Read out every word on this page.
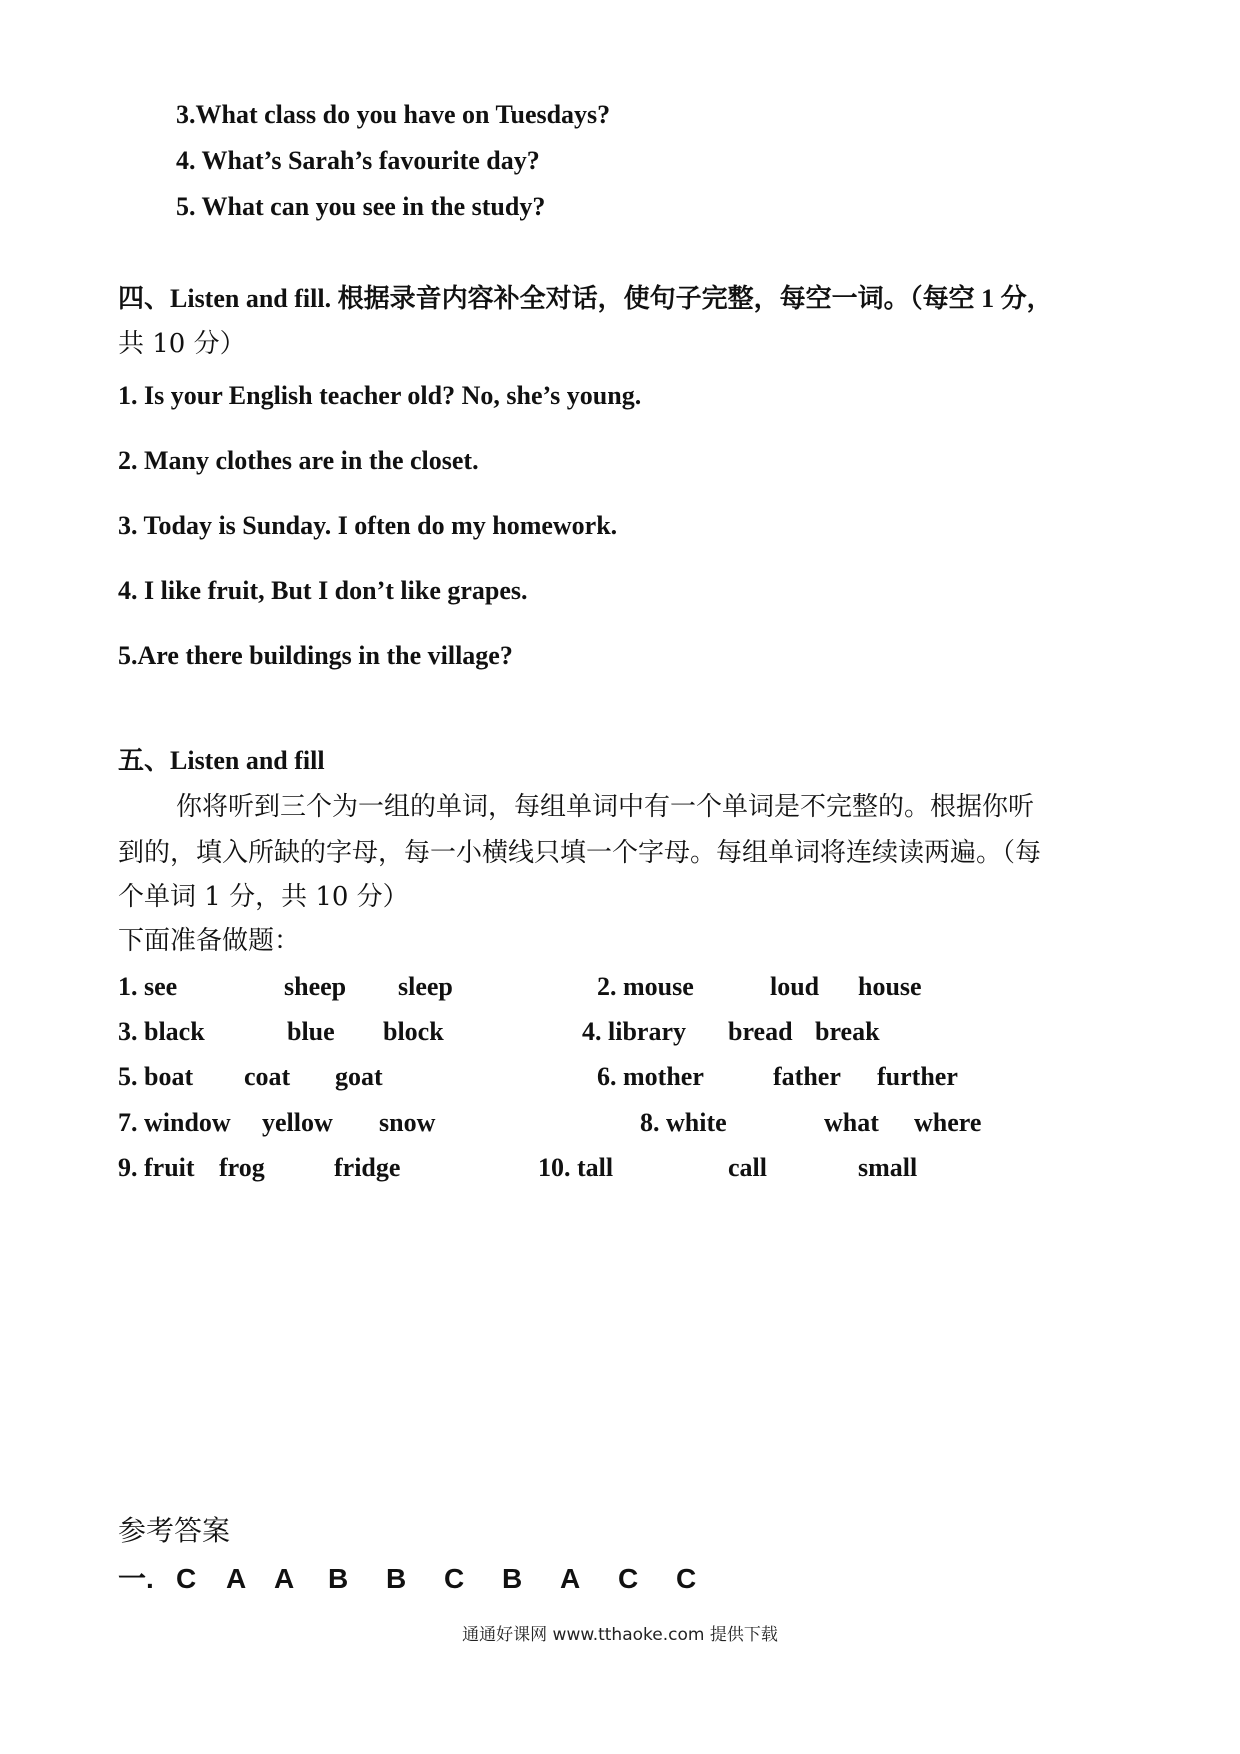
3.What class do you have on Tuesdays?
4. What’s Sarah’s favourite day?
5. What can you see in the study?
四、Listen and fill. 根据录音内容补全对话，使句子完整，每空一词。（每空 1 分，
共 10 分）
1. Is your English teacher old? No, she’s young.
2. Many clothes are in the closet.
3. Today is Sunday. I often do my homework.
4. I like fruit, But I don’t like grapes.
5.Are there buildings in the village?
五、Listen and fill
你将听到三个为一组的单词，每组单词中有一个单词是不完整的。根据你听
到的，填入所缺的字母，每一小横线只填一个字母。每组单词将连续读两遍。（每
个单词 1 分，共 10 分）
下面准备做题：
1. see	sheep sleep	2. mouse	loud house
3. black	blue block	4. library bread break
5. boat coat goat	6. mother	father further
7. window yellow snow	8. white	what where
9. fruit frog	fridge	10. tall	call	small
参考答案
一. C A A B B C B A C C
通通好课网 www.tthaoke.com 提供下载
